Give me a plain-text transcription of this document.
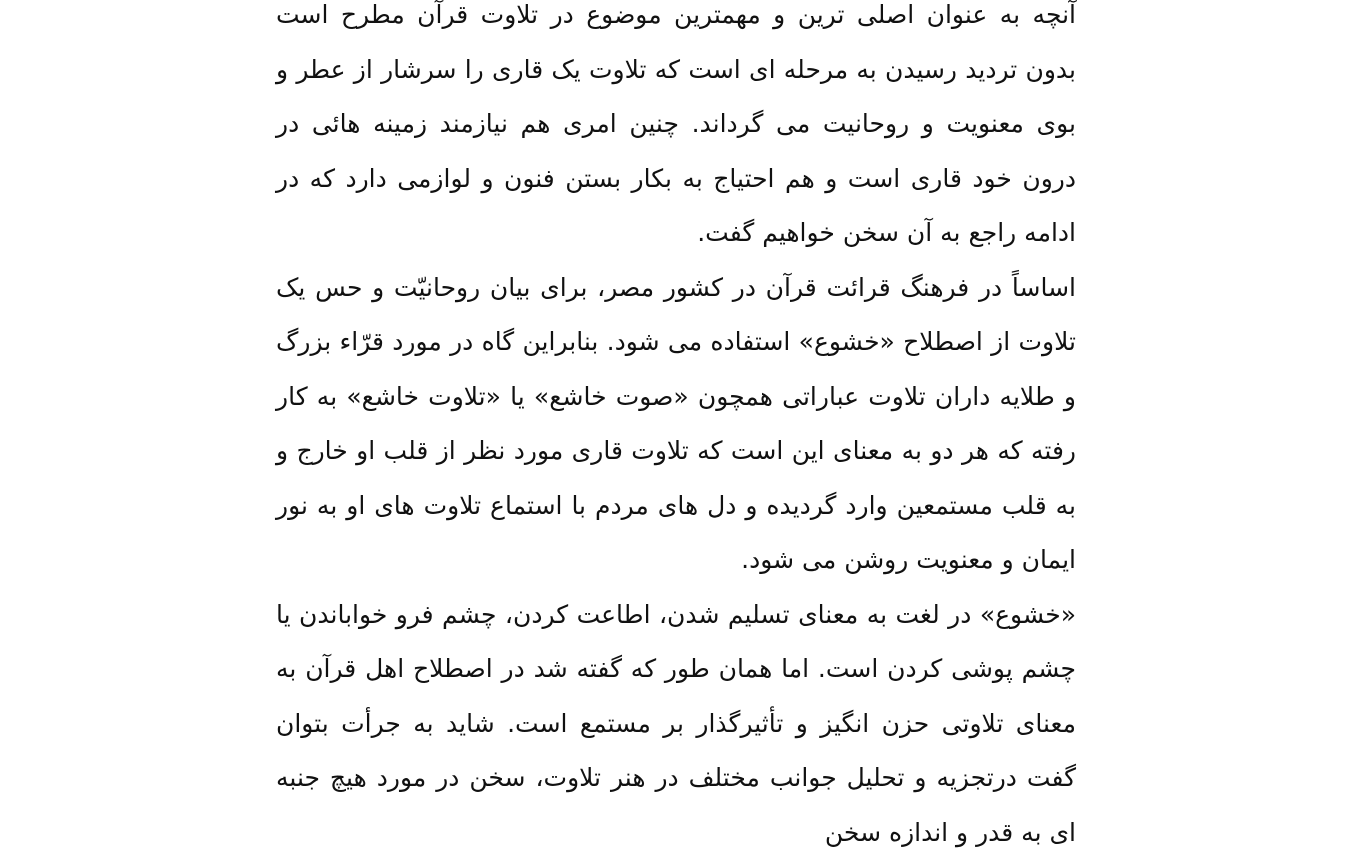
آنچه به عنوان اصلی ترین و مهمترین موضوع در تلاوت قرآن مطرح است بدون تردید رسیدن به مرحله ای است که تلاوت یک قاری را سرشار از عطر و بوی معنویت و روحانیت می گرداند. چنین امری هم نیازمند زمینه هائی در درون خود قاری است و هم احتیاج به بکار بستن فنون و لوازمی دارد که در ادامه راجع به آن سخن خواهیم گفت.

اساساً در فرهنگ قرائت قرآن در کشور مصر، برای بیان روحانیّت و حس یک تلاوت از اصطلاح «خشوع» استفاده می شود. بنابراین گاه در مورد قرّاء بزرگ و طلایه داران تلاوت عباراتی همچون «صوت خاشع» یا «تلاوت خاشع» به کار رفته که هر دو به معنای این است که تلاوت قاری مورد نظر از قلب او خارج و به قلب مستمعین وارد گردیده و دل های مردم با استماع تلاوت های او به نور ایمان و معنویت روشن می شود.

«خشوع» در لغت به معنای تسلیم شدن، اطاعت کردن، چشم فرو خواباندن یا چشم پوشی کردن است. اما همان طور که گفته شد در اصطلاح اهل قرآن به معنای تلاوتی حزن انگیز و تأثیرگذار بر مستمع است. شاید به جرأت بتوان گفت درتجزیه و تحلیل جوانب مختلف در هنر تلاوت، سخن در مورد هیچ جنبه ای به قدر و اندازه سخن
